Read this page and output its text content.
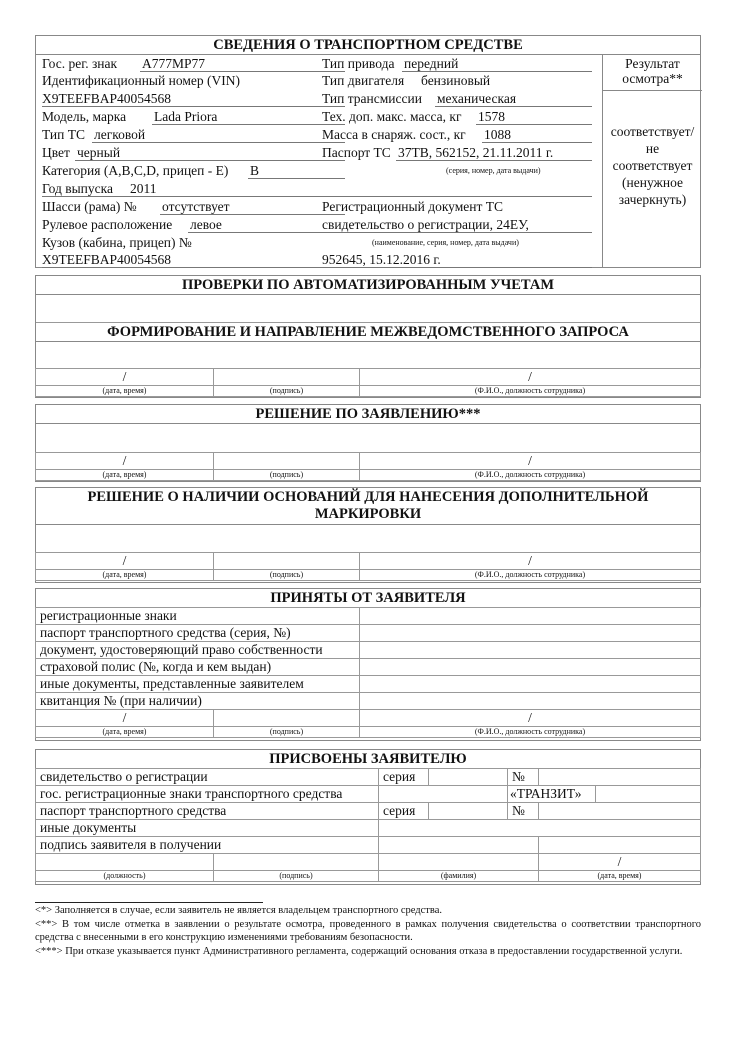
СВЕДЕНИЯ О ТРАНСПОРТНОМ СРЕДСТВЕ
Гос. рег. знак А777МР77
Идентификационный номер (VIN)
X9TEEFBAP40054568
Модель, марка Lada Priora
Тип ТС легковой
Цвет черный
Категория (A,B,C,D, прицеп - E) B
Год выпуска 2011
Шасси (рама) № отсутствует
Рулевое расположение левое
Кузов (кабина, прицеп) №
X9TEEFBAP40054568
Тип привода передний
Тип двигателя бензиновый
Тип трансмиссии механическая
Тех. доп. макс. масса, кг 1578
Масса в снаряж. сост., кг 1088
Паспорт ТС 37ТВ, 562152, 21.11.2011 г.
(серия, номер, дата выдачи)
Регистрационный документ ТС
свидетельство о регистрации, 24ЕУ,
(наименование, серия, номер, дата выдачи)
952645, 15.12.2016 г.
Результат осмотра**
соответствует/
не
соответствует
(ненужное
зачеркнуть)
ПРОВЕРКИ ПО АВТОМАТИЗИРОВАННЫМ УЧЕТАМ
ФОРМИРОВАНИЕ И НАПРАВЛЕНИЕ МЕЖВЕДОМСТВЕННОГО ЗАПРОСА
/		/
(дата, время)	(подпись)	(Ф.И.О., должность сотрудника)
РЕШЕНИЕ ПО ЗАЯВЛЕНИЮ***
/		/
(дата, время)	(подпись)	(Ф.И.О., должность сотрудника)
РЕШЕНИЕ О НАЛИЧИИ ОСНОВАНИЙ ДЛЯ НАНЕСЕНИЯ ДОПОЛНИТЕЛЬНОЙ
МАРКИРОВКИ
/		/
(дата, время)	(подпись)	(Ф.И.О., должность сотрудника)
ПРИНЯТЫ ОТ ЗАЯВИТЕЛЯ
регистрационные знаки	
паспорт транспортного средства (серия, №)	
документ, удостоверяющий право собственности	
страховой полис (№, когда и кем выдан)	
иные документы, представленные заявителем	
квитанция № (при наличии)	
/		/
(дата, время)	(подпись)	(Ф.И.О., должность сотрудника)
ПРИСВОЕНЫ ЗАЯВИТЕЛЮ
свидетельство о регистрации		серия		№		
гос. регистрационные знаки транспортного средства				«ТРАНЗИТ»		
паспорт транспортного средства		серия		№		
иные документы						
подпись заявителя в получении						
					/	
(должность)	(подпись)	(фамилия)			(дата, время)	
<*> Заполняется в случае, если заявитель не является владельцем транспортного средства.
<**> В том числе отметка в заявлении о результате осмотра, проведенного в рамках получения свидетельства о соответствии транспортного средства с внесенными в его конструкцию изменениями требованиям безопасности.
<***> При отказе указывается пункт Административного регламента, содержащий основания отказа в предоставлении государственной услуги.
